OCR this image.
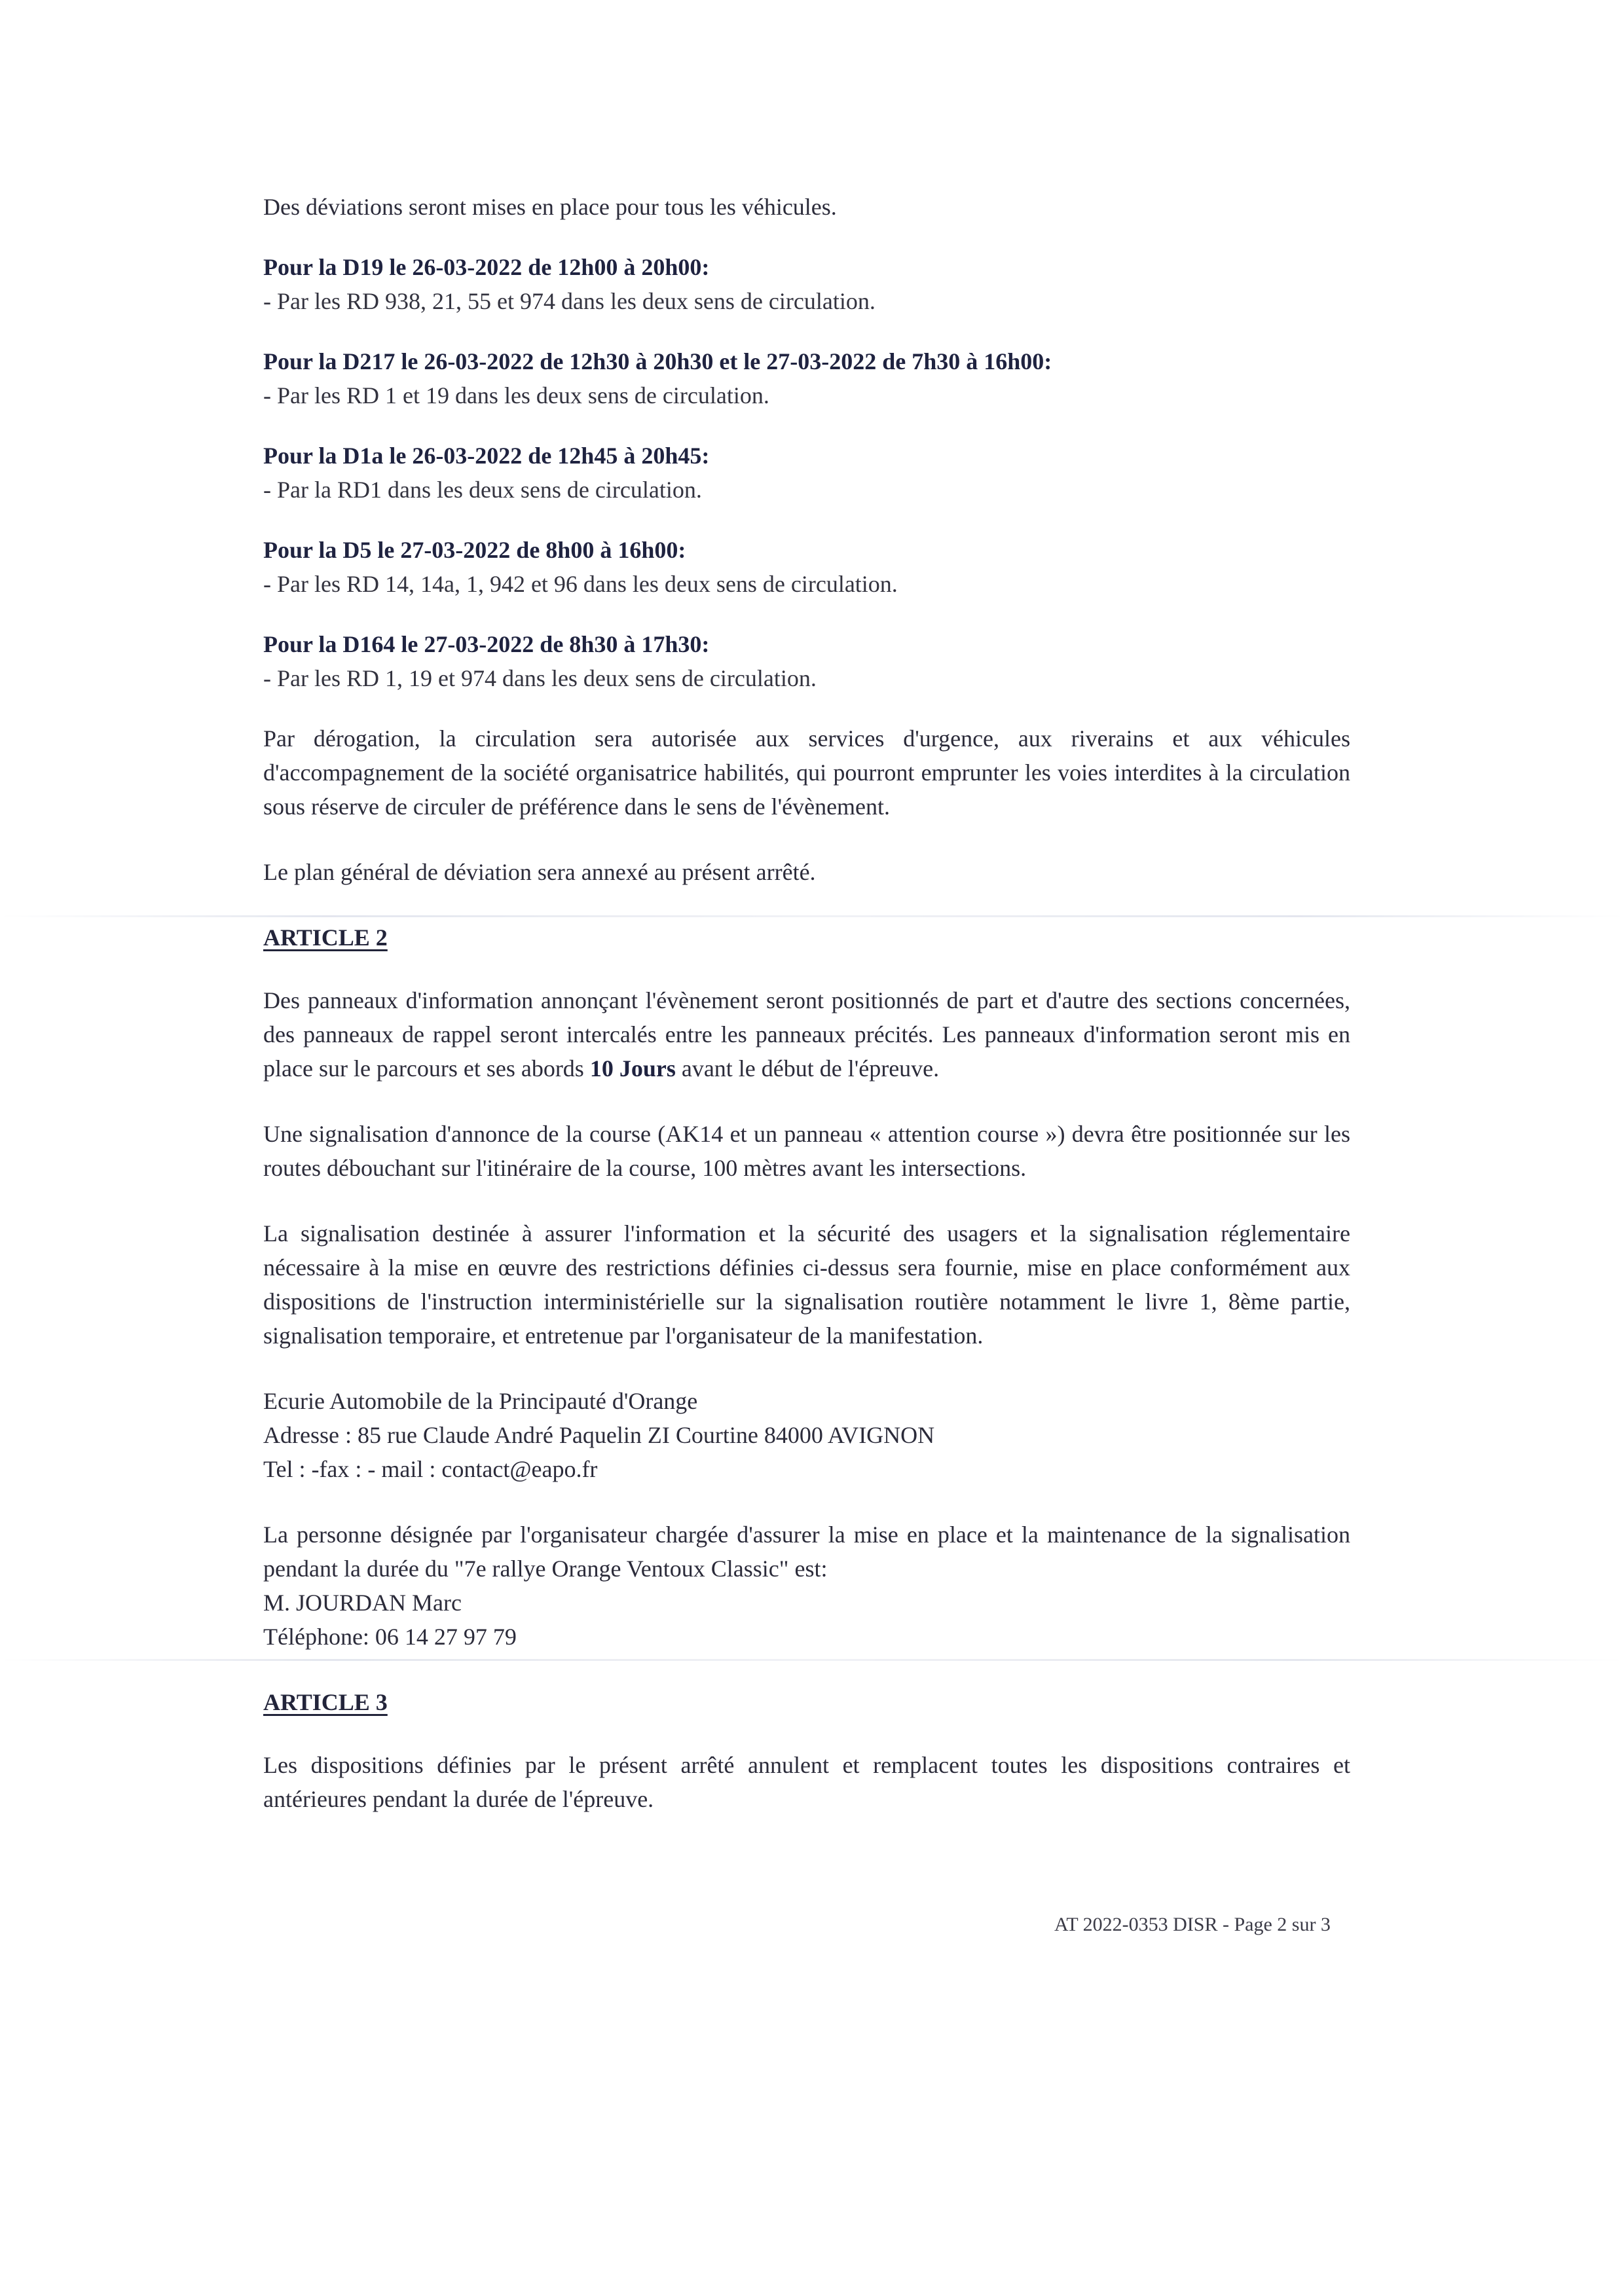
Des déviations seront mises en place pour tous les véhicules.

Pour la D19 le 26-03-2022 de 12h00 à 20h00:

- Par les RD 938, 21, 55 et 974 dans les deux sens de circulation.

Pour la D217 le 26-03-2022 de 12h30 à 20h30 et le 27-03-2022 de 7h30 à 16h00:

- Par les RD 1 et 19 dans les deux sens de circulation.

Pour la D1a le 26-03-2022 de 12h45 à 20h45:

- Par la RD1 dans les deux sens de circulation.

Pour la D5 le 27-03-2022 de 8h00 à 16h00:

- Par les RD 14, 14a, 1, 942 et 96 dans les deux sens de circulation.

Pour la D164 le 27-03-2022 de 8h30 à 17h30:

- Par les RD 1, 19 et 974 dans les deux sens de circulation.

Par dérogation, la circulation sera autorisée aux services d'urgence, aux riverains et aux véhicules d'accompagnement de la société organisatrice habilités, qui pourront emprunter les voies interdites à la circulation sous réserve de circuler de préférence dans le sens de l'évènement.

Le plan général de déviation sera annexé au présent arrêté.

ARTICLE 2

Des panneaux d'information annonçant l'évènement seront positionnés de part et d'autre des sections concernées, des panneaux de rappel seront intercalés entre les panneaux précités. Les panneaux d'information seront mis en place sur le parcours et ses abords 10 Jours avant le début de l'épreuve.

Une signalisation d'annonce de la course (AK14 et un panneau « attention course ») devra être positionnée sur les routes débouchant sur l'itinéraire de la course, 100 mètres avant les intersections.

La signalisation destinée à assurer l'information et la sécurité des usagers et la signalisation réglementaire nécessaire à la mise en œuvre des restrictions définies ci-dessus sera fournie, mise en place conformément aux dispositions de l'instruction interministérielle sur la signalisation routière notamment le livre 1, 8ème partie, signalisation temporaire, et entretenue par l'organisateur de la manifestation.

Ecurie Automobile de la Principauté d'Orange

Adresse : 85 rue Claude André Paquelin ZI Courtine 84000 AVIGNON

Tel : -fax : - mail : contact@eapo.fr

La personne désignée par l'organisateur chargée d'assurer la mise en place et la maintenance de la signalisation pendant la durée du "7e rallye Orange Ventoux Classic" est:

M. JOURDAN Marc

Téléphone: 06 14 27 97 79

ARTICLE 3

Les dispositions définies par le présent arrêté annulent et remplacent toutes les dispositions contraires et antérieures pendant la durée de l'épreuve.

AT 2022-0353 DISR - Page 2 sur 3
